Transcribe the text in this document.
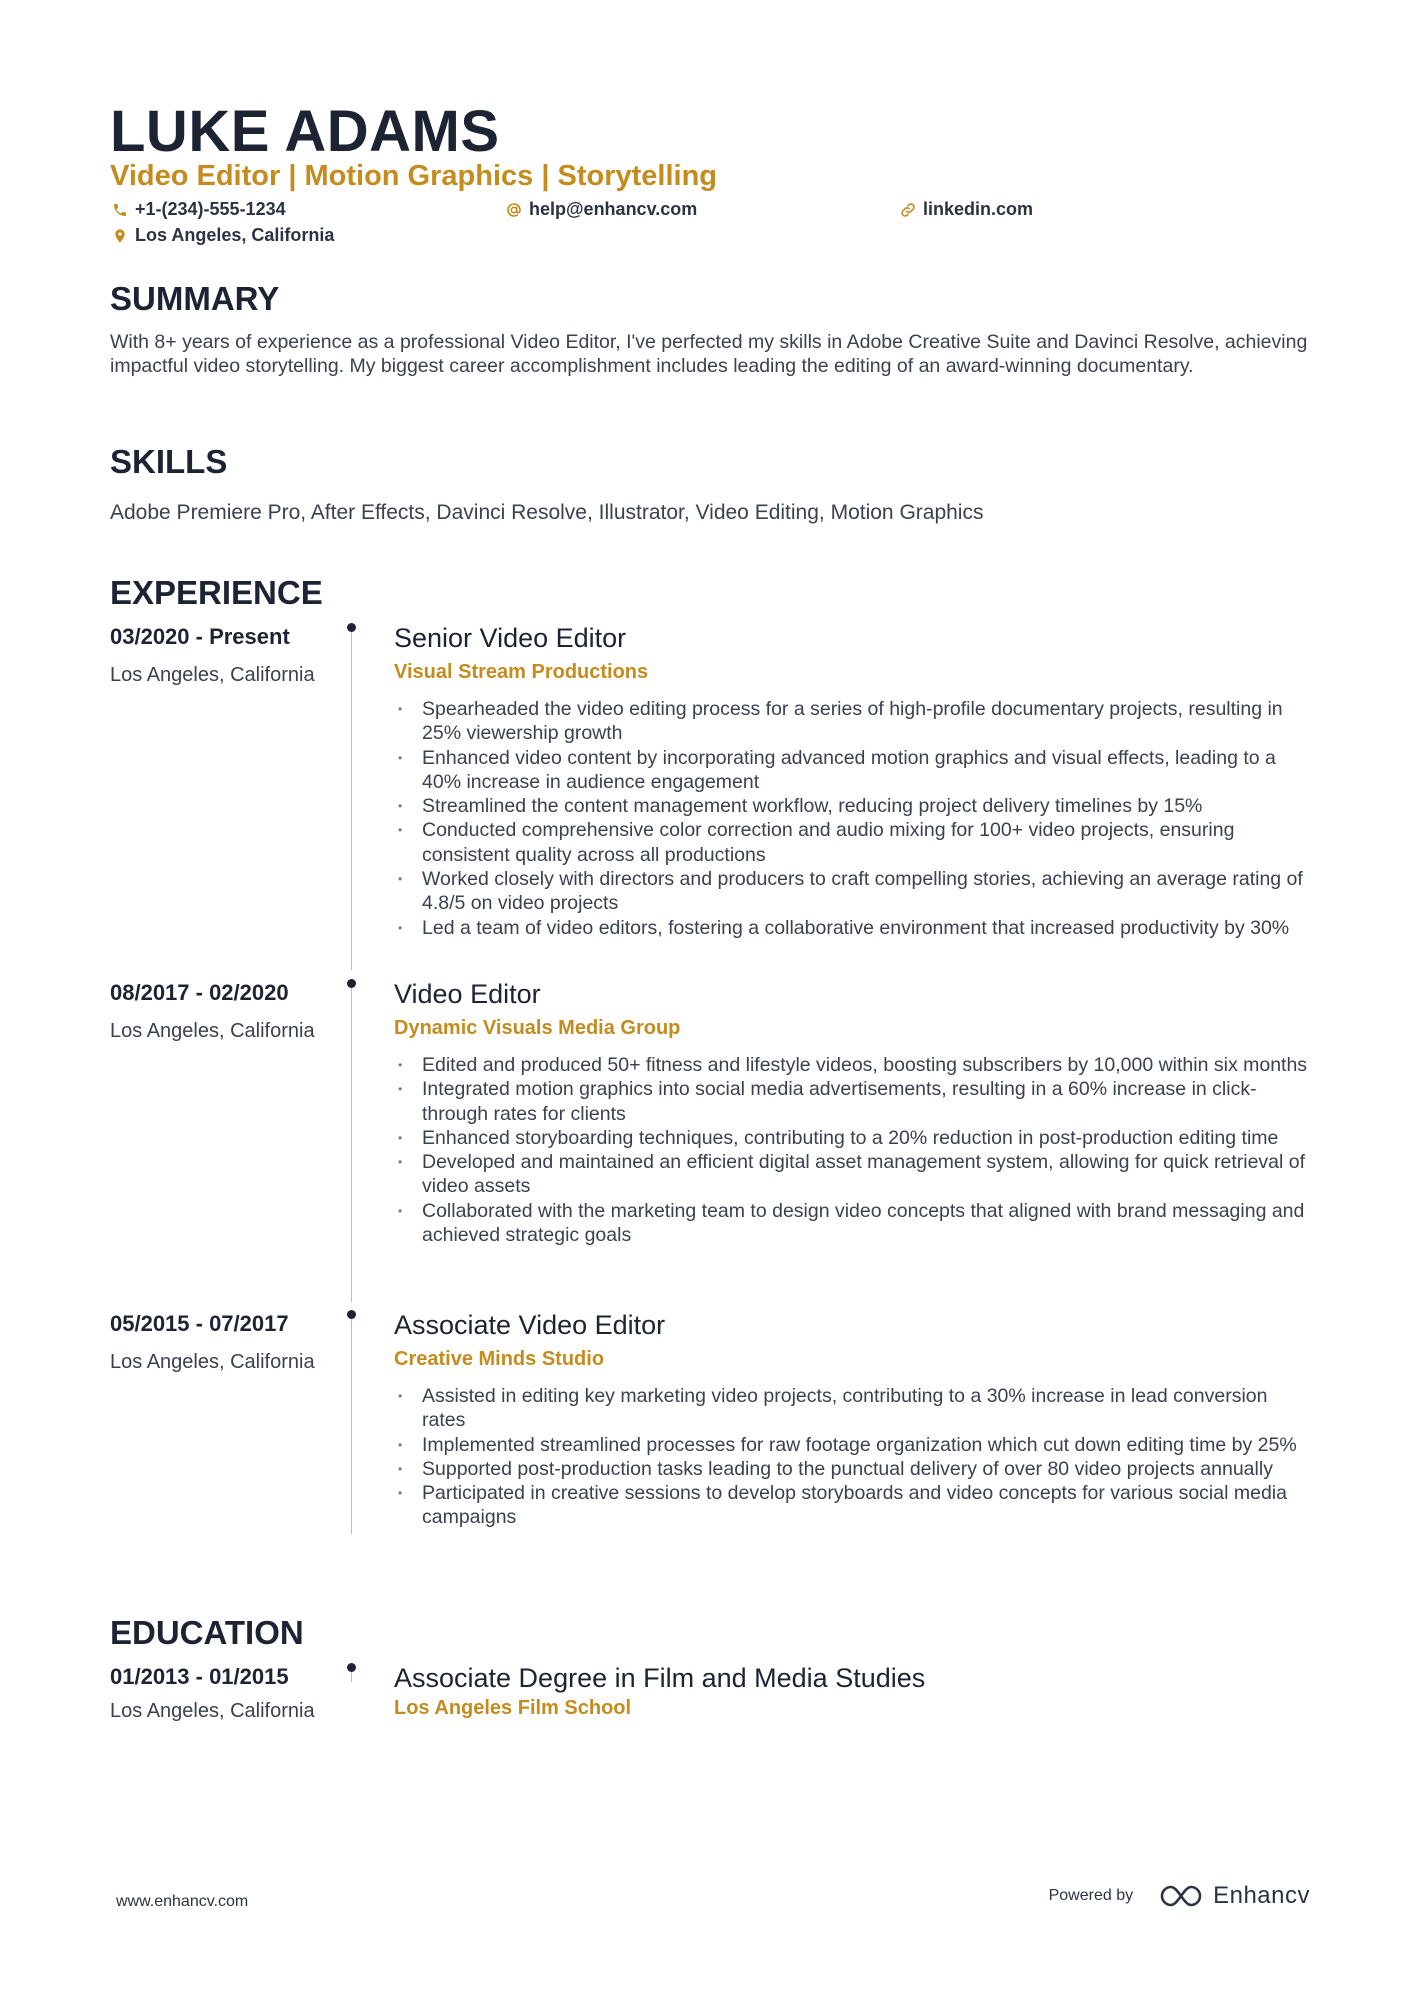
LUKE ADAMS
Video Editor | Motion Graphics | Storytelling
+1-(234)-555-1234	help@enhancv.com	linkedin.com
Los Angeles, California
SUMMARY
With 8+ years of experience as a professional Video Editor, I've perfected my skills in Adobe Creative Suite and Davinci Resolve, achieving impactful video storytelling. My biggest career accomplishment includes leading the editing of an award-winning documentary.
SKILLS
Adobe Premiere Pro, After Effects, Davinci Resolve, Illustrator, Video Editing, Motion Graphics
EXPERIENCE
03/2020 - Present
Los Angeles, California
Senior Video Editor
Visual Stream Productions
• Spearheaded the video editing process for a series of high-profile documentary projects, resulting in 25% viewership growth
• Enhanced video content by incorporating advanced motion graphics and visual effects, leading to a 40% increase in audience engagement
• Streamlined the content management workflow, reducing project delivery timelines by 15%
• Conducted comprehensive color correction and audio mixing for 100+ video projects, ensuring consistent quality across all productions
• Worked closely with directors and producers to craft compelling stories, achieving an average rating of 4.8/5 on video projects
• Led a team of video editors, fostering a collaborative environment that increased productivity by 30%
08/2017 - 02/2020
Los Angeles, California
Video Editor
Dynamic Visuals Media Group
• Edited and produced 50+ fitness and lifestyle videos, boosting subscribers by 10,000 within six months
• Integrated motion graphics into social media advertisements, resulting in a 60% increase in click-through rates for clients
• Enhanced storyboarding techniques, contributing to a 20% reduction in post-production editing time
• Developed and maintained an efficient digital asset management system, allowing for quick retrieval of video assets
• Collaborated with the marketing team to design video concepts that aligned with brand messaging and achieved strategic goals
05/2015 - 07/2017
Los Angeles, California
Associate Video Editor
Creative Minds Studio
• Assisted in editing key marketing video projects, contributing to a 30% increase in lead conversion rates
• Implemented streamlined processes for raw footage organization which cut down editing time by 25%
• Supported post-production tasks leading to the punctual delivery of over 80 video projects annually
• Participated in creative sessions to develop storyboards and video concepts for various social media campaigns
EDUCATION
01/2013 - 01/2015
Los Angeles, California
Associate Degree in Film and Media Studies
Los Angeles Film School
www.enhancv.com	Powered by	Enhancv
